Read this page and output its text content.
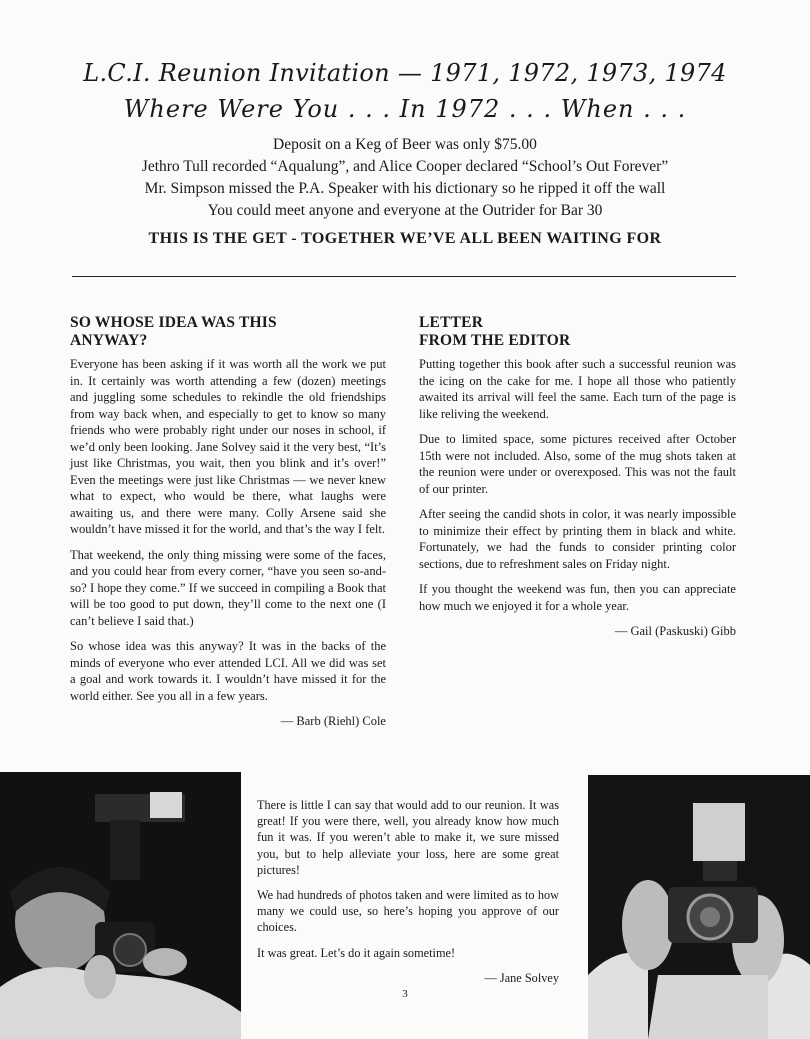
L.C.I. Reunion Invitation — 1971, 1972, 1973, 1974

Where Were You . . . In 1972 . . . When . . .

Deposit on a Keg of Beer was only $75.00

Jethro Tull recorded “Aqualung”, and Alice Cooper declared “School’s Out Forever”

Mr. Simpson missed the P.A. Speaker with his dictionary so he ripped it off the wall

You could meet anyone and everyone at the Outrider for Bar 30

THIS IS THE GET - TOGETHER WE’VE ALL BEEN WAITING FOR

SO WHOSE IDEA WAS THIS
ANYWAY?

Everyone has been asking if it was worth all the work we put in. It certainly was worth attending a few (dozen) meetings and juggling some schedules to rekindle the old friendships from way back when, and especially to get to know so many friends who were probably right under our noses in school, if we’d only been looking. Jane Solvey said it the very best, “It’s just like Christmas, you wait, then you blink and it’s over!” Even the meetings were just like Christmas — we never knew what to expect, who would be there, what laughs were awaiting us, and there were many. Colly Arsene said she wouldn’t have missed it for the world, and that’s the way I felt.

That weekend, the only thing missing were some of the faces, and you could hear from every corner, “have you seen so-and-so? I hope they come.” If we succeed in compiling a Book that will be too good to put down, they’ll come to the next one (I can’t believe I said that.)

So whose idea was this anyway? It was in the backs of the minds of everyone who ever attended LCI. All we did was set a goal and work towards it. I wouldn’t have missed it for the world either. See you all in a few years.

— Barb (Riehl) Cole
LETTER
FROM THE EDITOR

Putting together this book after such a successful reunion was the icing on the cake for me. I hope all those who patiently awaited its arrival will feel the same. Each turn of the page is like reliving the weekend.

Due to limited space, some pictures received after October 15th were not included. Also, some of the mug shots taken at the reunion were under or overexposed. This was not the fault of our printer.

After seeing the candid shots in color, it was nearly impossible to minimize their effect by printing them in black and white. Fortunately, we had the funds to consider printing color sections, due to refreshment sales on Friday night.

If you thought the weekend was fun, then you can appreciate how much we enjoyed it for a whole year.

— Gail (Paskuski) Gibb

There is little I can say that would add to our reunion. It was great! If you were there, well, you already know how much fun it was. If you weren’t able to make it, we sure missed you, but to help alleviate your loss, here are some great pictures!

We had hundreds of photos taken and were limited as to how many we could use, so here’s hoping you approve of our choices.

It was great. Let’s do it again sometime!

— Jane Solvey
3
